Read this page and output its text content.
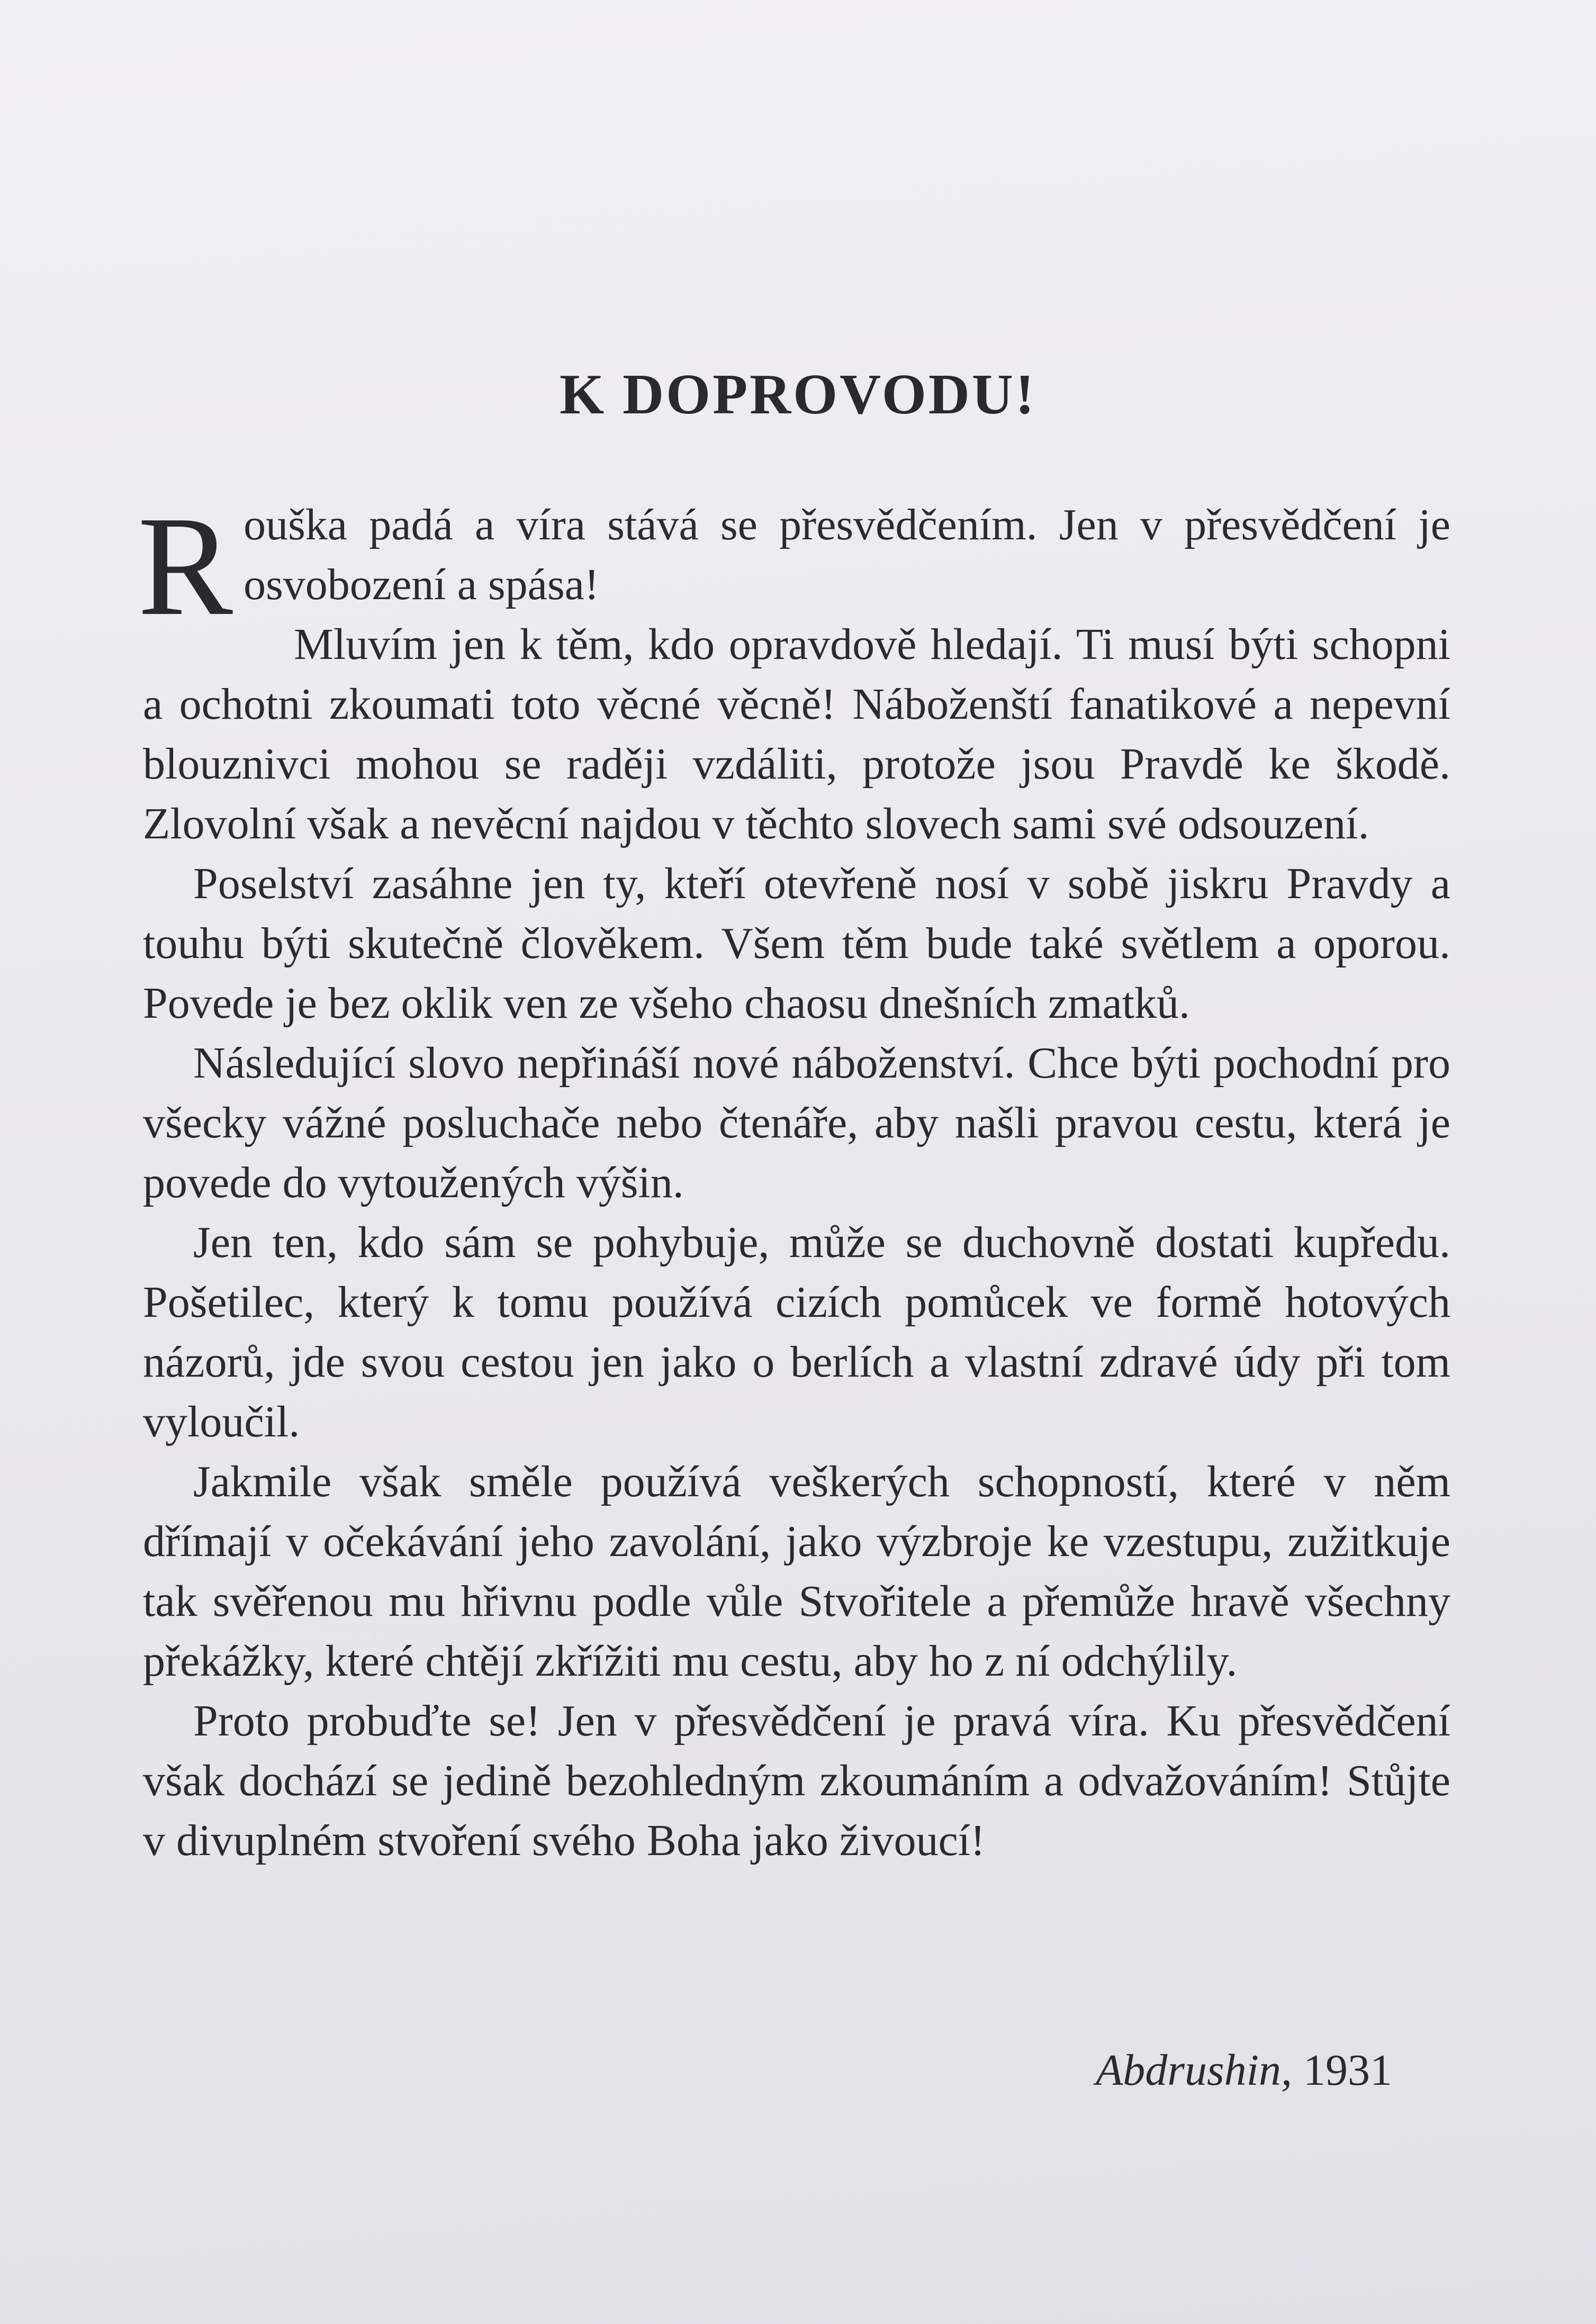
K DOPROVODU!

Rouška padá a víra stává se přesvědčením. Jen v přesvědčení je osvobození a spása!

Mluvím jen k těm, kdo opravdově hledají. Ti musí býti schopni a ochotni zkoumati toto věcné věcně! Náboženští fanatikové a nepevní blouznivci mohou se raději vzdáliti, protože jsou Pravdě ke škodě. Zlovolní však a nevěcní najdou v těchto slovech sami své odsouzení.

Poselství zasáhne jen ty, kteří otevřeně nosí v sobě jiskru Pravdy a touhu býti skutečně člověkem. Všem těm bude také světlem a oporou. Povede je bez oklik ven ze všeho chaosu dnešních zmatků.

Následující slovo nepřináší nové náboženství. Chce býti pochodní pro všecky vážné posluchače nebo čtenáře, aby našli pravou cestu, která je povede do vytoužených výšin.

Jen ten, kdo sám se pohybuje, může se duchovně dostati kupředu. Pošetilec, který k tomu používá cizích pomůcek ve formě hotových názorů, jde svou cestou jen jako o berlích a vlastní zdravé údy při tom vyloučil.

Jakmile však směle používá veškerých schopností, které v něm dřímají v očekávání jeho zavolání, jako výzbroje ke vzestupu, zužitkuje tak svěřenou mu hřivnu podle vůle Stvořitele a přemůže hravě všechny překážky, které chtějí zkřížiti mu cestu, aby ho z ní odchýlily.

Proto probuďte se! Jen v přesvědčení je pravá víra. Ku přesvědčení však dochází se jedině bezohledným zkoumáním a odvažováním! Stůjte v divuplném stvoření svého Boha jako živoucí!

Abdrushin, 1931
